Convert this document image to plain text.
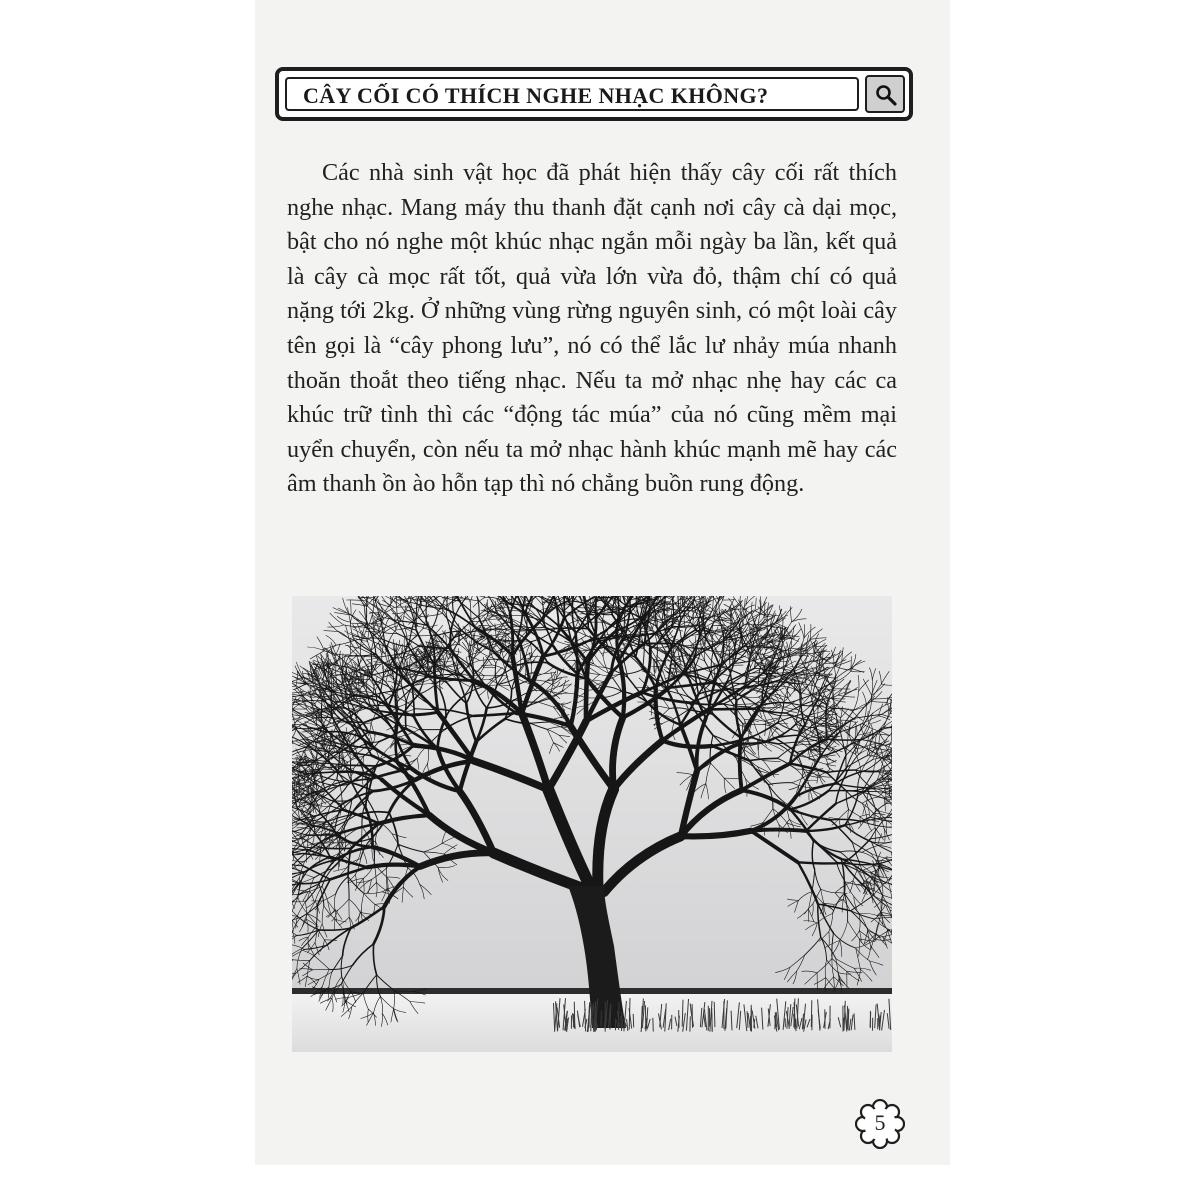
CÂY CỐI CÓ THÍCH NGHE NHẠC KHÔNG?

Các nhà sinh vật học đã phát hiện thấy cây cối rất thích nghe nhạc. Mang máy thu thanh đặt cạnh nơi cây cà dại mọc, bật cho nó nghe một khúc nhạc ngắn mỗi ngày ba lần, kết quả là cây cà mọc rất tốt, quả vừa lớn vừa đỏ, thậm chí có quả nặng tới 2kg. Ở những vùng rừng nguyên sinh, có một loài cây tên gọi là “cây phong lưu”, nó có thể lắc lư nhảy múa nhanh thoăn thoắt theo tiếng nhạc. Nếu ta mở nhạc nhẹ hay các ca khúc trữ tình thì các “động tác múa” của nó cũng mềm mại uyển chuyển, còn nếu ta mở nhạc hành khúc mạnh mẽ hay các âm thanh ồn ào hỗn tạp thì nó chẳng buồn rung động.

5
